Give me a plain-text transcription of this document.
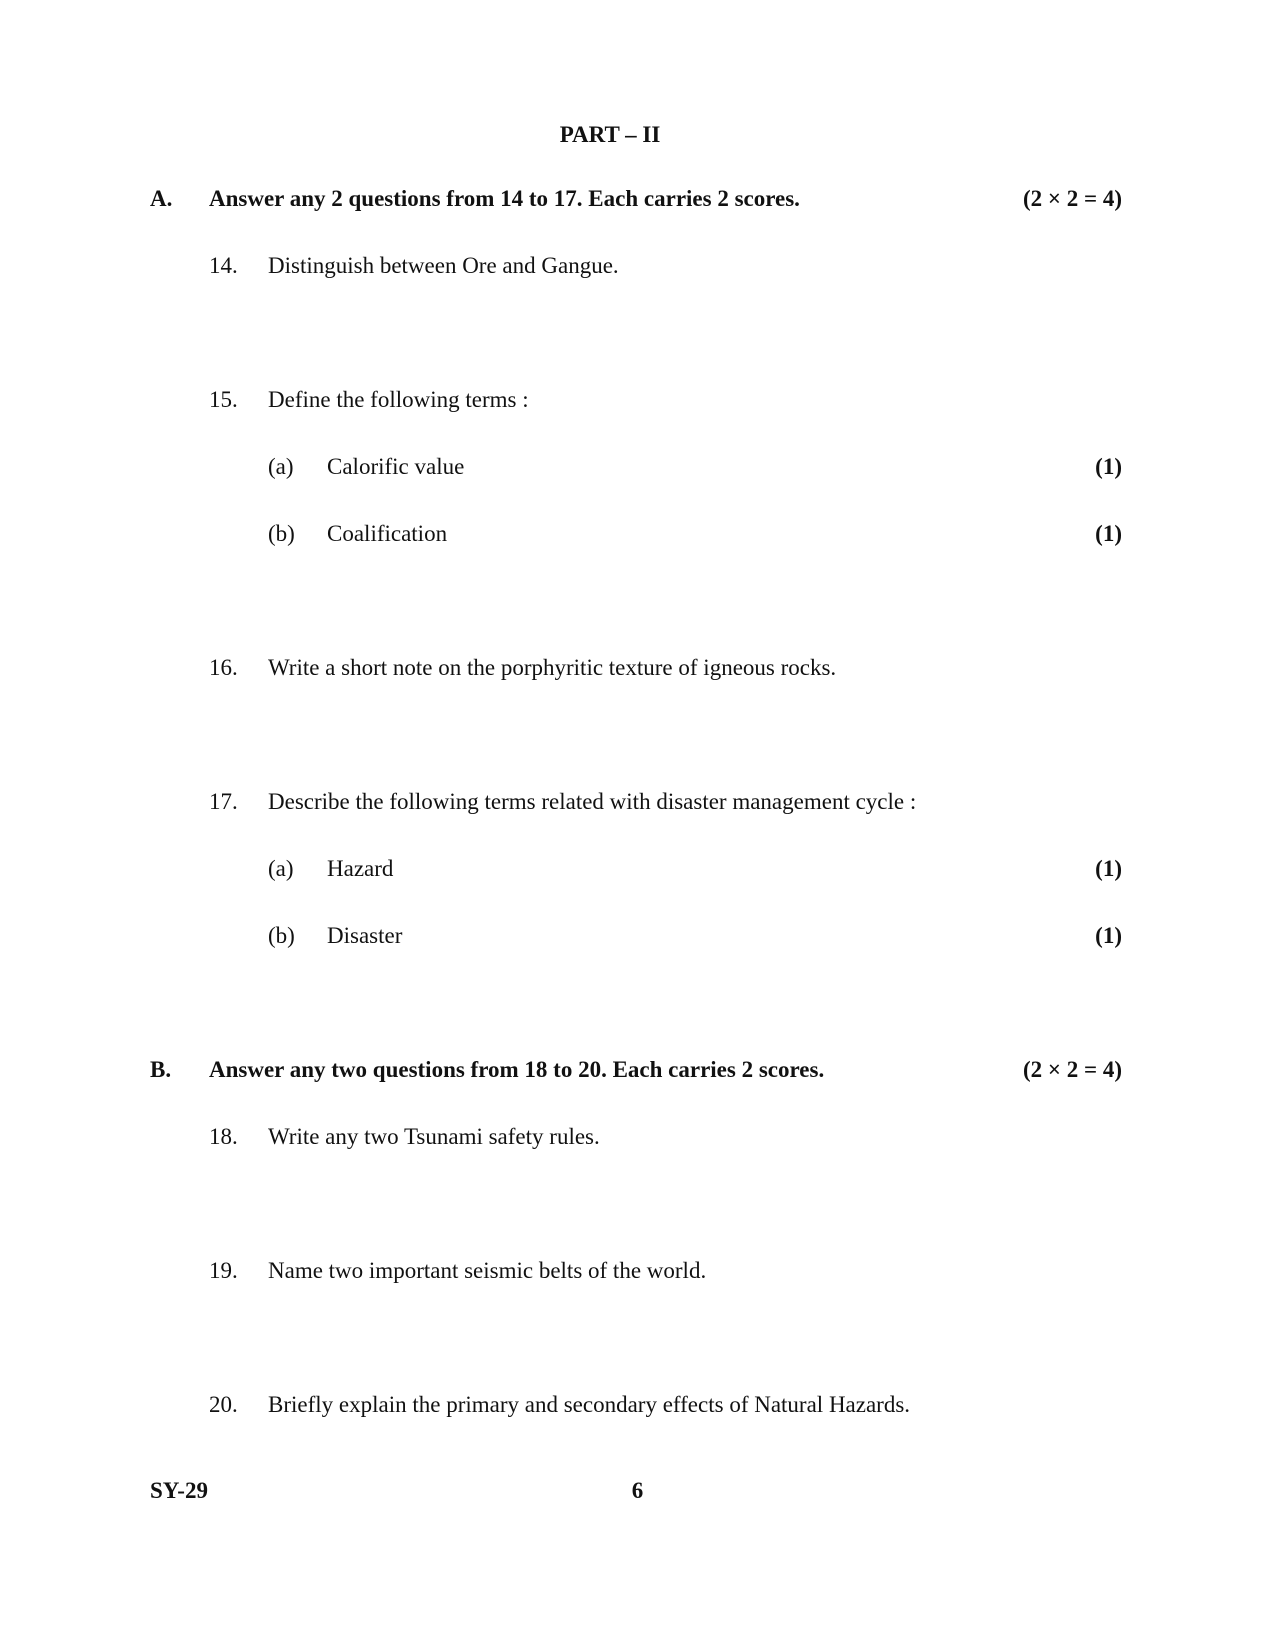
PART – II
A. Answer any 2 questions from 14 to 17. Each carries 2 scores.	(2 × 2 = 4)
14. Distinguish between Ore and Gangue.
15. Define the following terms :
(a) Calorific value	(1)
(b) Coalification	(1)
16. Write a short note on the porphyritic texture of igneous rocks.
17. Describe the following terms related with disaster management cycle :
(a) Hazard	(1)
(b) Disaster	(1)
B. Answer any two questions from 18 to 20. Each carries 2 scores.	(2 × 2 = 4)
18. Write any two Tsunami safety rules.
19. Name two important seismic belts of the world.
20. Briefly explain the primary and secondary effects of Natural Hazards.
SY-29	6
